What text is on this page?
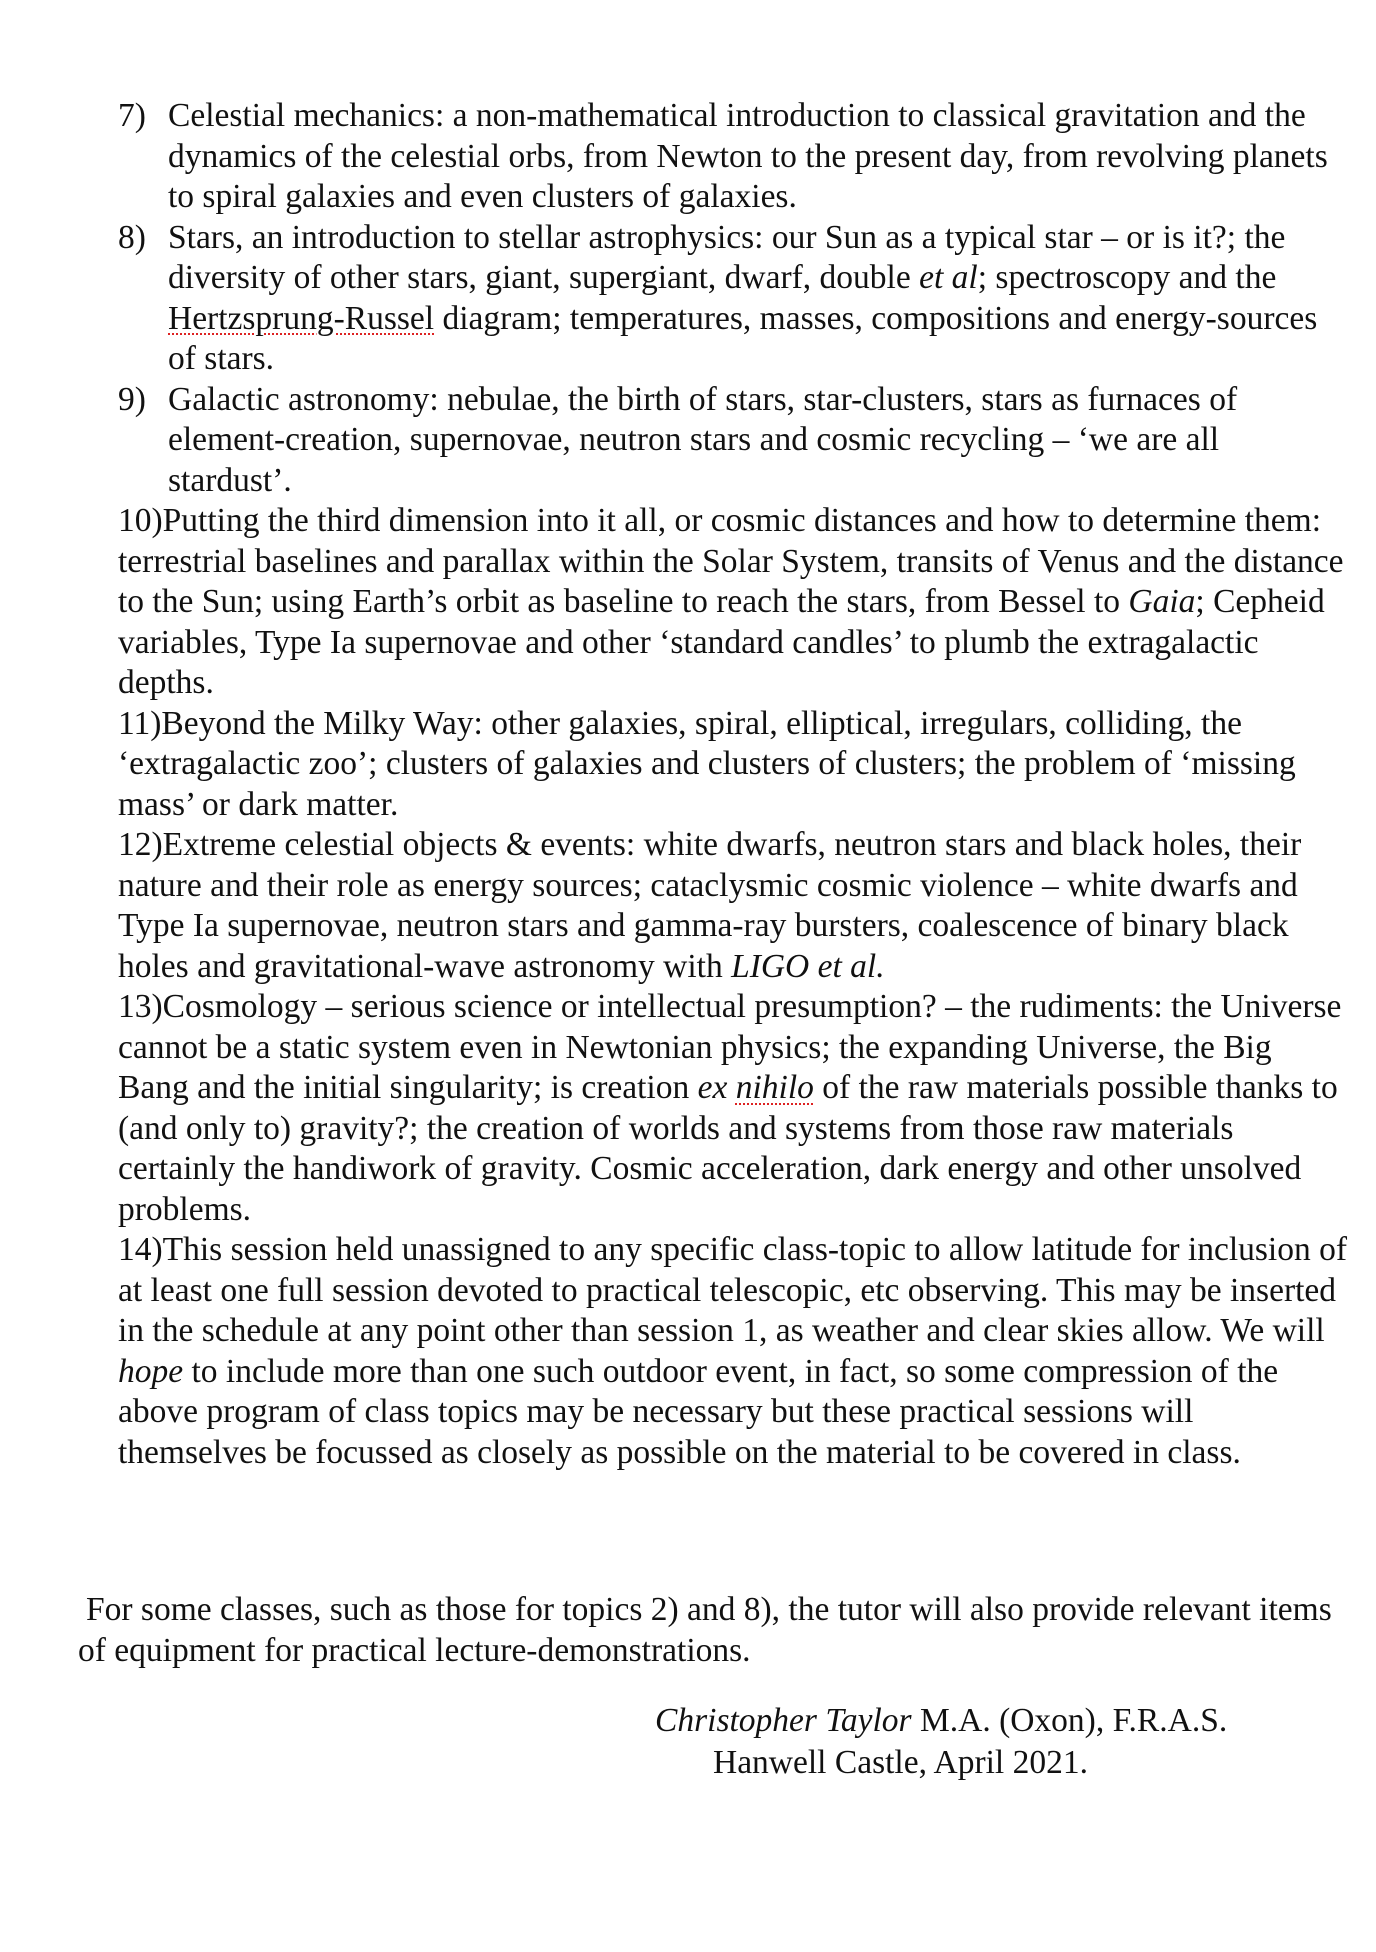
7) Celestial mechanics: a non-mathematical introduction to classical gravitation and the dynamics of the celestial orbs, from Newton to the present day, from revolving planets to spiral galaxies and even clusters of galaxies.
8) Stars, an introduction to stellar astrophysics: our Sun as a typical star – or is it?; the diversity of other stars, giant, supergiant, dwarf, double et al; spectroscopy and the Hertzsprung-Russel diagram; temperatures, masses, compositions and energy-sources of stars.
9) Galactic astronomy: nebulae, the birth of stars, star-clusters, stars as furnaces of element-creation, supernovae, neutron stars and cosmic recycling – ‘we are all stardust’.
10)Putting the third dimension into it all, or cosmic distances and how to determine them: terrestrial baselines and parallax within the Solar System, transits of Venus and the distance to the Sun; using Earth’s orbit as baseline to reach the stars, from Bessel to Gaia; Cepheid variables, Type Ia supernovae and other ‘standard candles’ to plumb the extragalactic depths.
11)Beyond the Milky Way: other galaxies, spiral, elliptical, irregulars, colliding, the ‘extragalactic zoo’; clusters of galaxies and clusters of clusters; the problem of ‘missing mass’ or dark matter.
12)Extreme celestial objects & events: white dwarfs, neutron stars and black holes, their nature and their role as energy sources; cataclysmic cosmic violence – white dwarfs and Type Ia supernovae, neutron stars and gamma-ray bursters, coalescence of binary black holes and gravitational-wave astronomy with LIGO et al.
13)Cosmology – serious science or intellectual presumption? – the rudiments: the Universe cannot be a static system even in Newtonian physics; the expanding Universe, the Big Bang and the initial singularity; is creation ex nihilo of the raw materials possible thanks to (and only to) gravity?; the creation of worlds and systems from those raw materials certainly the handiwork of gravity. Cosmic acceleration, dark energy and other unsolved problems.
14)This session held unassigned to any specific class-topic to allow latitude for inclusion of at least one full session devoted to practical telescopic, etc observing. This may be inserted in the schedule at any point other than session 1, as weather and clear skies allow. We will hope to include more than one such outdoor event, in fact, so some compression of the above program of class topics may be necessary but these practical sessions will themselves be focussed as closely as possible on the material to be covered in class.

For some classes, such as those for topics 2) and 8), the tutor will also provide relevant items of equipment for practical lecture-demonstrations.

Christopher Taylor M.A. (Oxon), F.R.A.S.
Hanwell Castle, April 2021.
